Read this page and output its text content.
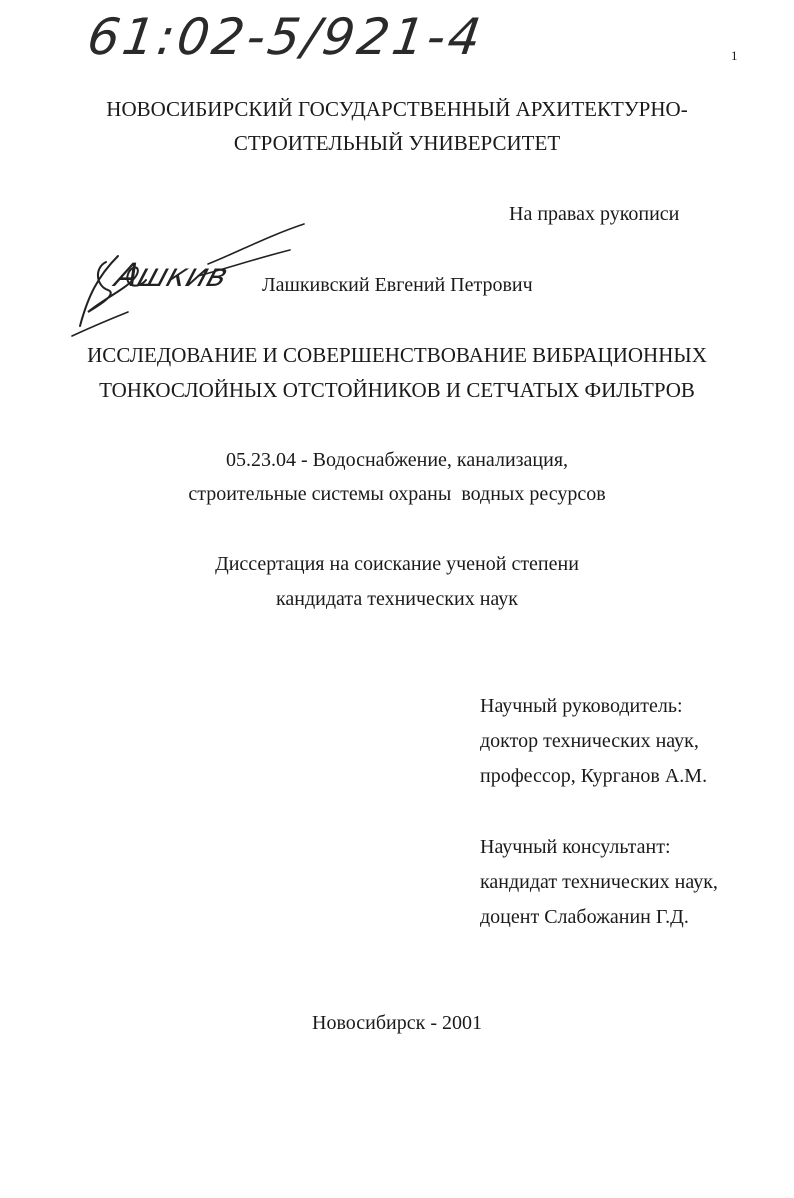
61:02-5/921-4	1
НОВОСИБИРСКИЙ ГОСУДАРСТВЕННЫЙ АРХИТЕКТУРНО-
СТРОИТЕЛЬНЫЙ УНИВЕРСИТЕТ
На правах рукописи
Ашкив Лашкивский Евгений Петрович
ИССЛЕДОВАНИЕ И СОВЕРШЕНСТВОВАНИЕ ВИБРАЦИОННЫХ
ТОНКОСЛОЙНЫХ ОТСТОЙНИКОВ И СЕТЧАТЫХ ФИЛЬТРОВ
05.23.04 - Водоснабжение, канализация,
строительные системы охраны  водных ресурсов
Диссертация на соискание ученой степени
кандидата технических наук
Научный руководитель:
доктор технических наук,
профессор, Курганов А.М.
Научный консультант:
кандидат технических наук,
доцент Слабожанин Г.Д.
Новосибирск - 2001
